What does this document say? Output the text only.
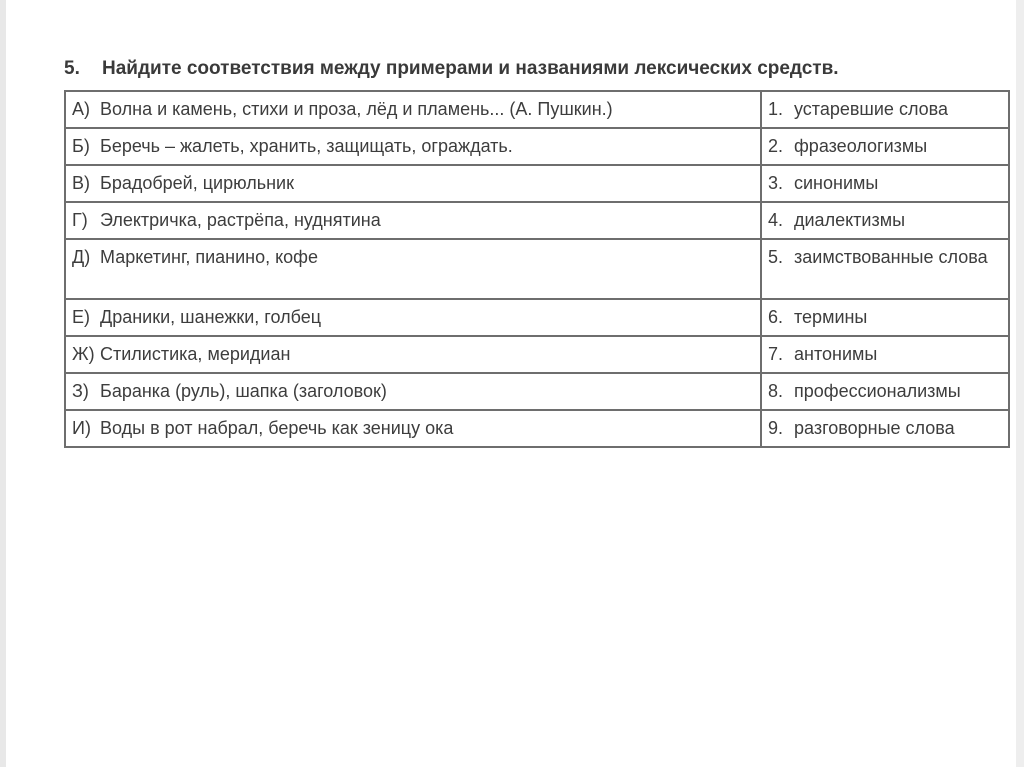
5.	Найдите соответствия между примерами и названиями лексических средств.
А) Волна и камень, стихи и проза, лёд и пламень... (А. Пушкин.)	1. устаревшие слова

Б) Беречь – жалеть, хранить, защищать, ограждать.	2. фразеологизмы

В) Брадобрей, цирюльник	3. синонимы

Г) Электричка, растрёпа, нуднятина	4. диалектизмы

Д) Маркетинг, пианино, кофе	5. заимствованные слова

Е) Драники, шанежки, голбец	6. термины

Ж) Стилистика, меридиан	7. антонимы

З) Баранка (руль), шапка (заголовок)	8. профессионализмы

И) Воды в рот набрал, беречь как зеницу ока	9. разговорные слова
